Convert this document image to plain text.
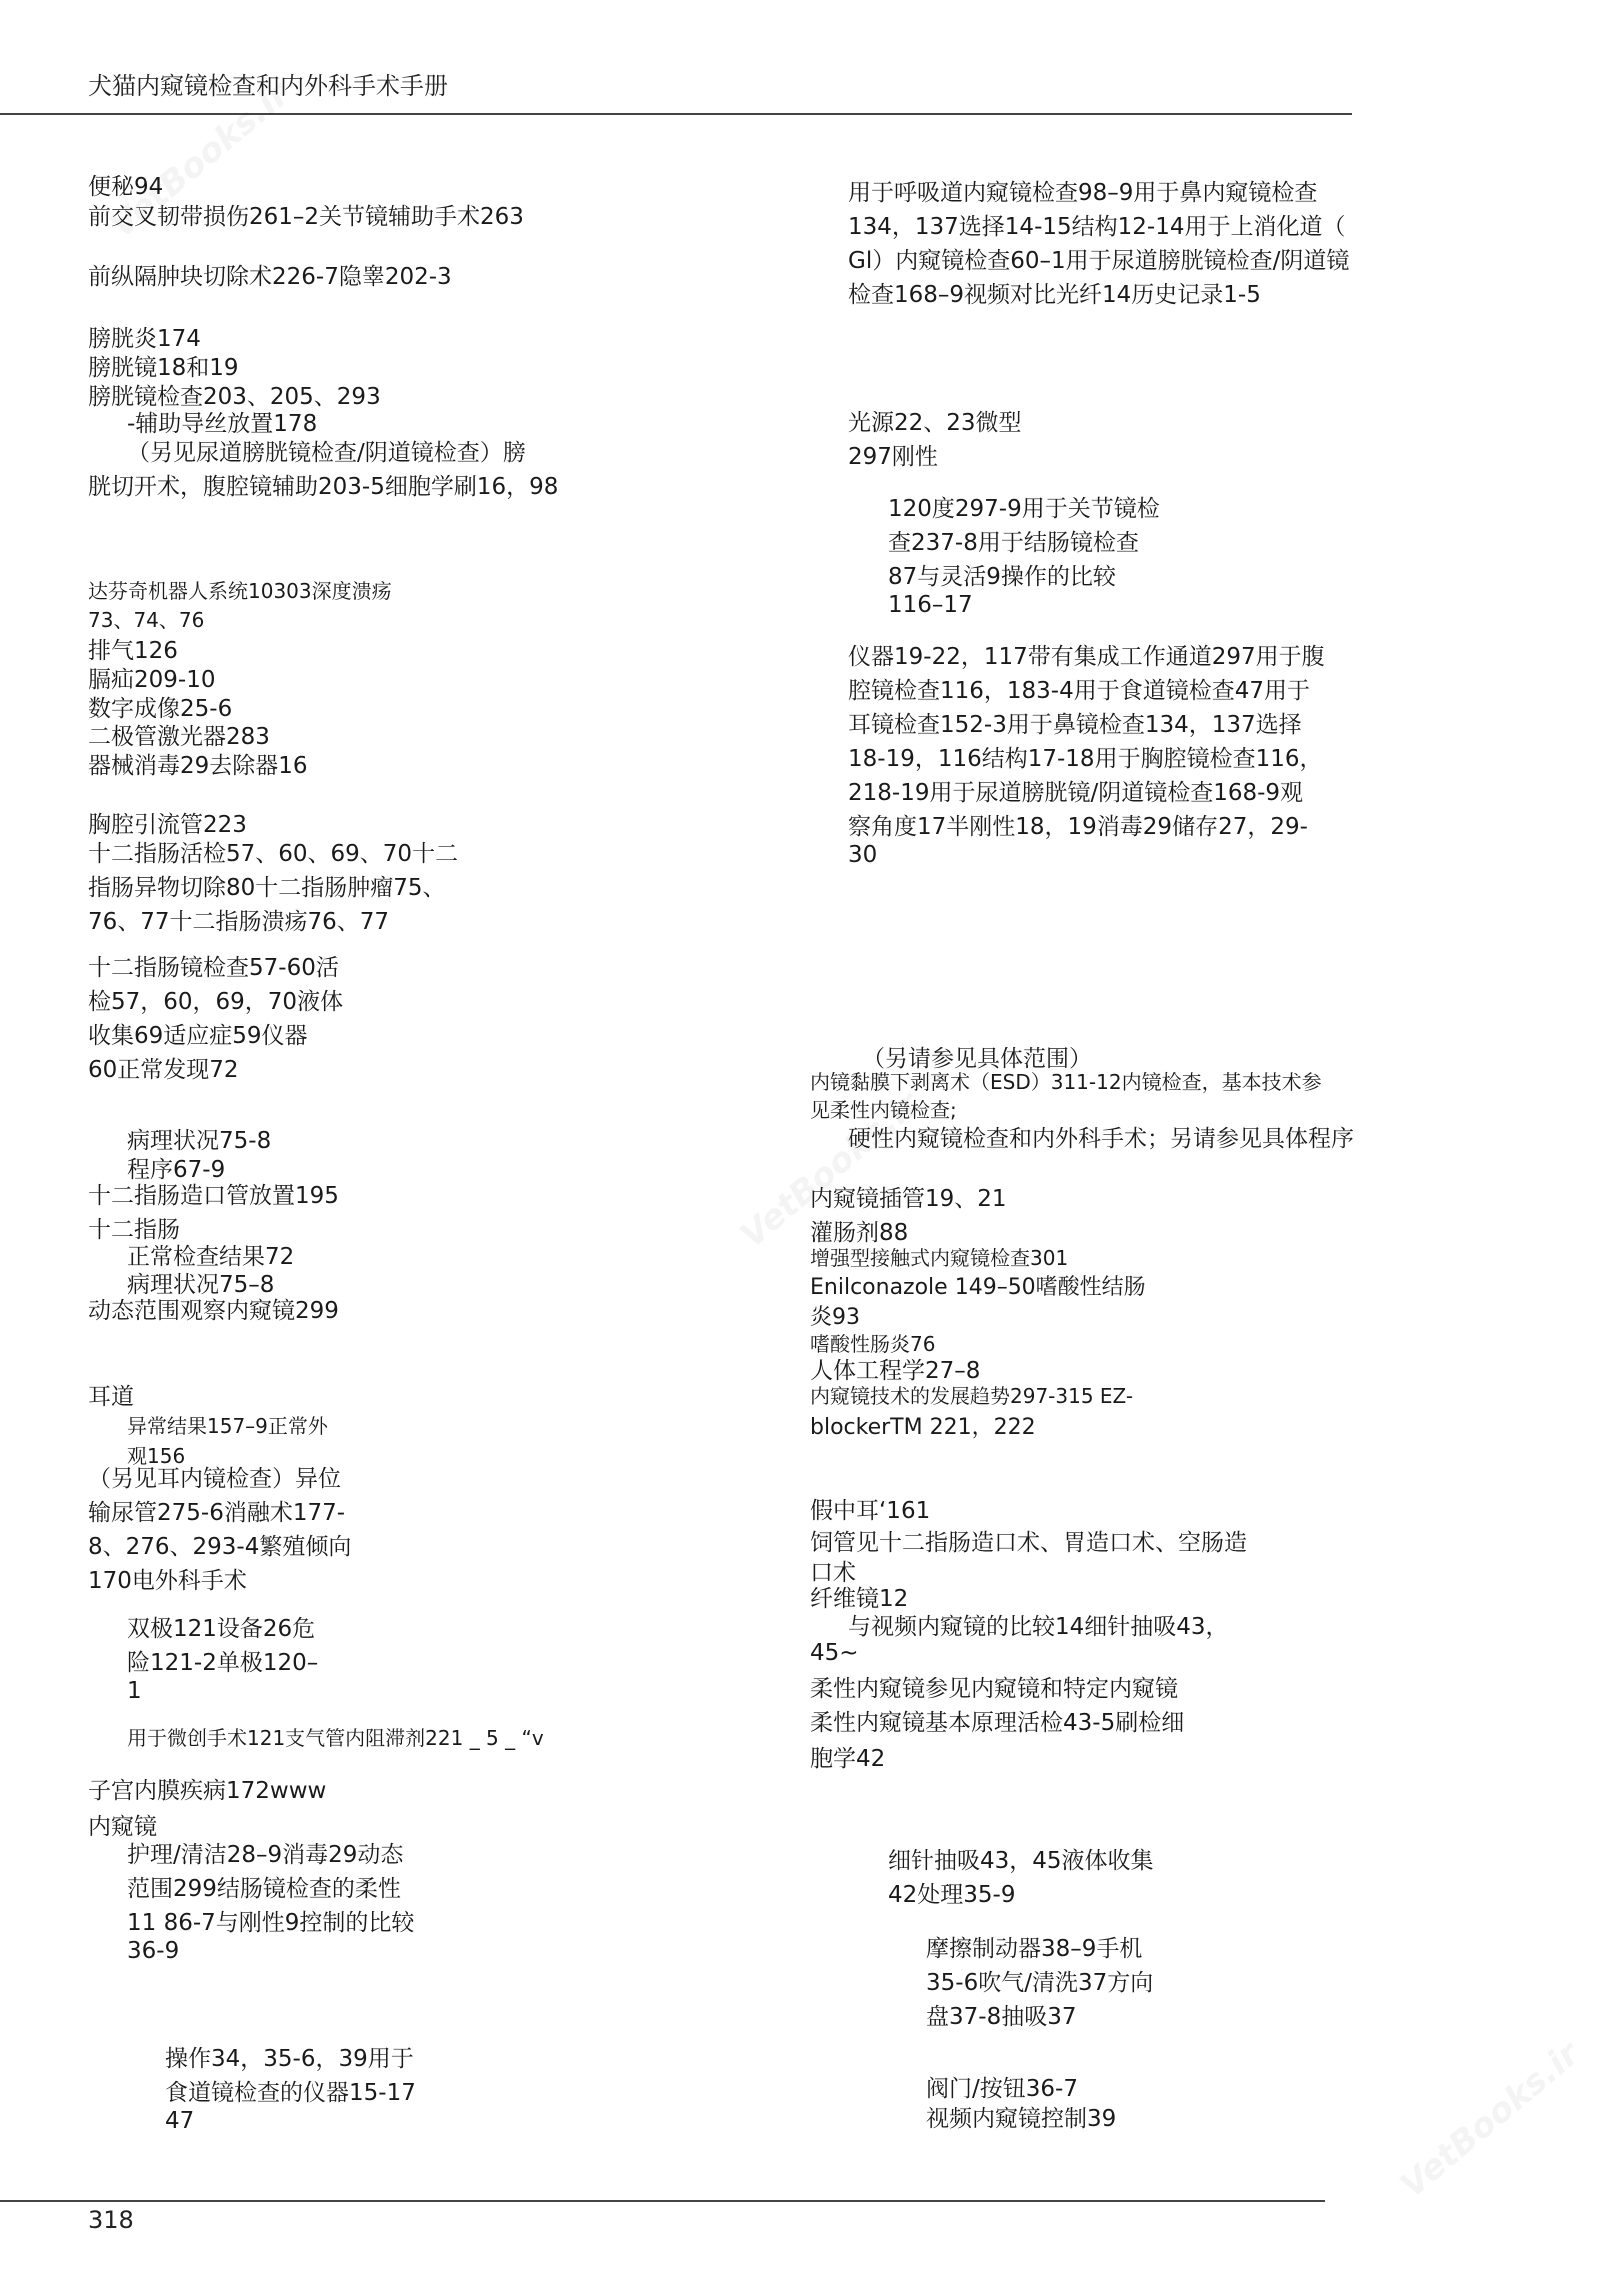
犬猫内窥镜检查和内外科手术手册
便秘94
前交叉韧带损伤261–2关节镜辅助手术263
前纵隔肿块切除术226-7隐睾202-3
膀胱炎174
膀胱镜18和19
膀胱镜检查203、205、293
-辅助导丝放置178
（另见尿道膀胱镜检查/阴道镜检查）膀
胱切开术，腹腔镜辅助203-5细胞学刷16，98
达芬奇机器人系统10303深度溃疡
73、74、76
排气126
膈疝209-10
数字成像25-6
二极管激光器283
器械消毒29去除器16
胸腔引流管223
十二指肠活检57、60、69、70十二
指肠异物切除80十二指肠肿瘤75、
76、77十二指肠溃疡76、77
十二指肠镜检查57-60活
检57，60，69，70液体
收集69适应症59仪器
60正常发现72
病理状况75-8
程序67-9
十二指肠造口管放置195
十二指肠
正常检查结果72
病理状况75–8
动态范围观察内窥镜299
耳道
异常结果157–9正常外
观156
（另见耳内镜检查）异位
输尿管275-6消融术177-
8、276、293-4繁殖倾向
170电外科手术
双极121设备26危
险121-2单极120–
1
用于微创手术121支气管内阻滞剂221 _ 5 _ “v
子宫内膜疾病172www
内窥镜
护理/清洁28–9消毒29动态
范围299结肠镜检查的柔性
11 86-7与刚性9控制的比较
36-9
操作34，35-6，39用于
食道镜检查的仪器15-17
47
用于呼吸道内窥镜检查98–9用于鼻内窥镜检查
134，137选择14-15结构12-14用于上消化道（
Gl）内窥镜检查60–1用于尿道膀胱镜检查/阴道镜
检查168–9视频对比光纤14历史记录1-5
光源22、23微型
297刚性
120度297-9用于关节镜检
查237-8用于结肠镜检查
87与灵活9操作的比较
116–17
仪器19-22，117带有集成工作通道297用于腹
腔镜检查116，183-4用于食道镜检查47用于
耳镜检查152-3用于鼻镜检查134，137选择
18-19，116结构17-18用于胸腔镜检查116，
218-19用于尿道膀胱镜/阴道镜检查168-9观
察角度17半刚性18，19消毒29储存27，29-
30
（另请参见具体范围）
内镜黏膜下剥离术（ESD）311-12内镜检查，基本技术参
见柔性内镜检查;
硬性内窥镜检查和内外科手术；另请参见具体程序
内窥镜插管19、21
灌肠剂88
增强型接触式内窥镜检查301
Enilconazole 149–50嗜酸性结肠
炎93
嗜酸性肠炎76
人体工程学27–8
内窥镜技术的发展趋势297-315 EZ-
blockerTM 221，222
假中耳‘161
饲管见十二指肠造口术、胃造口术、空肠造
口术
纤维镜12
与视频内窥镜的比较14细针抽吸43，
45~
柔性内窥镜参见内窥镜和特定内窥镜
柔性内窥镜基本原理活检43-5刷检细
胞学42
细针抽吸43，45液体收集
42处理35-9
摩擦制动器38–9手机
35-6吹气/清洗37方向
盘37-8抽吸37
阀门/按钮36-7
视频内窥镜控制39
318
